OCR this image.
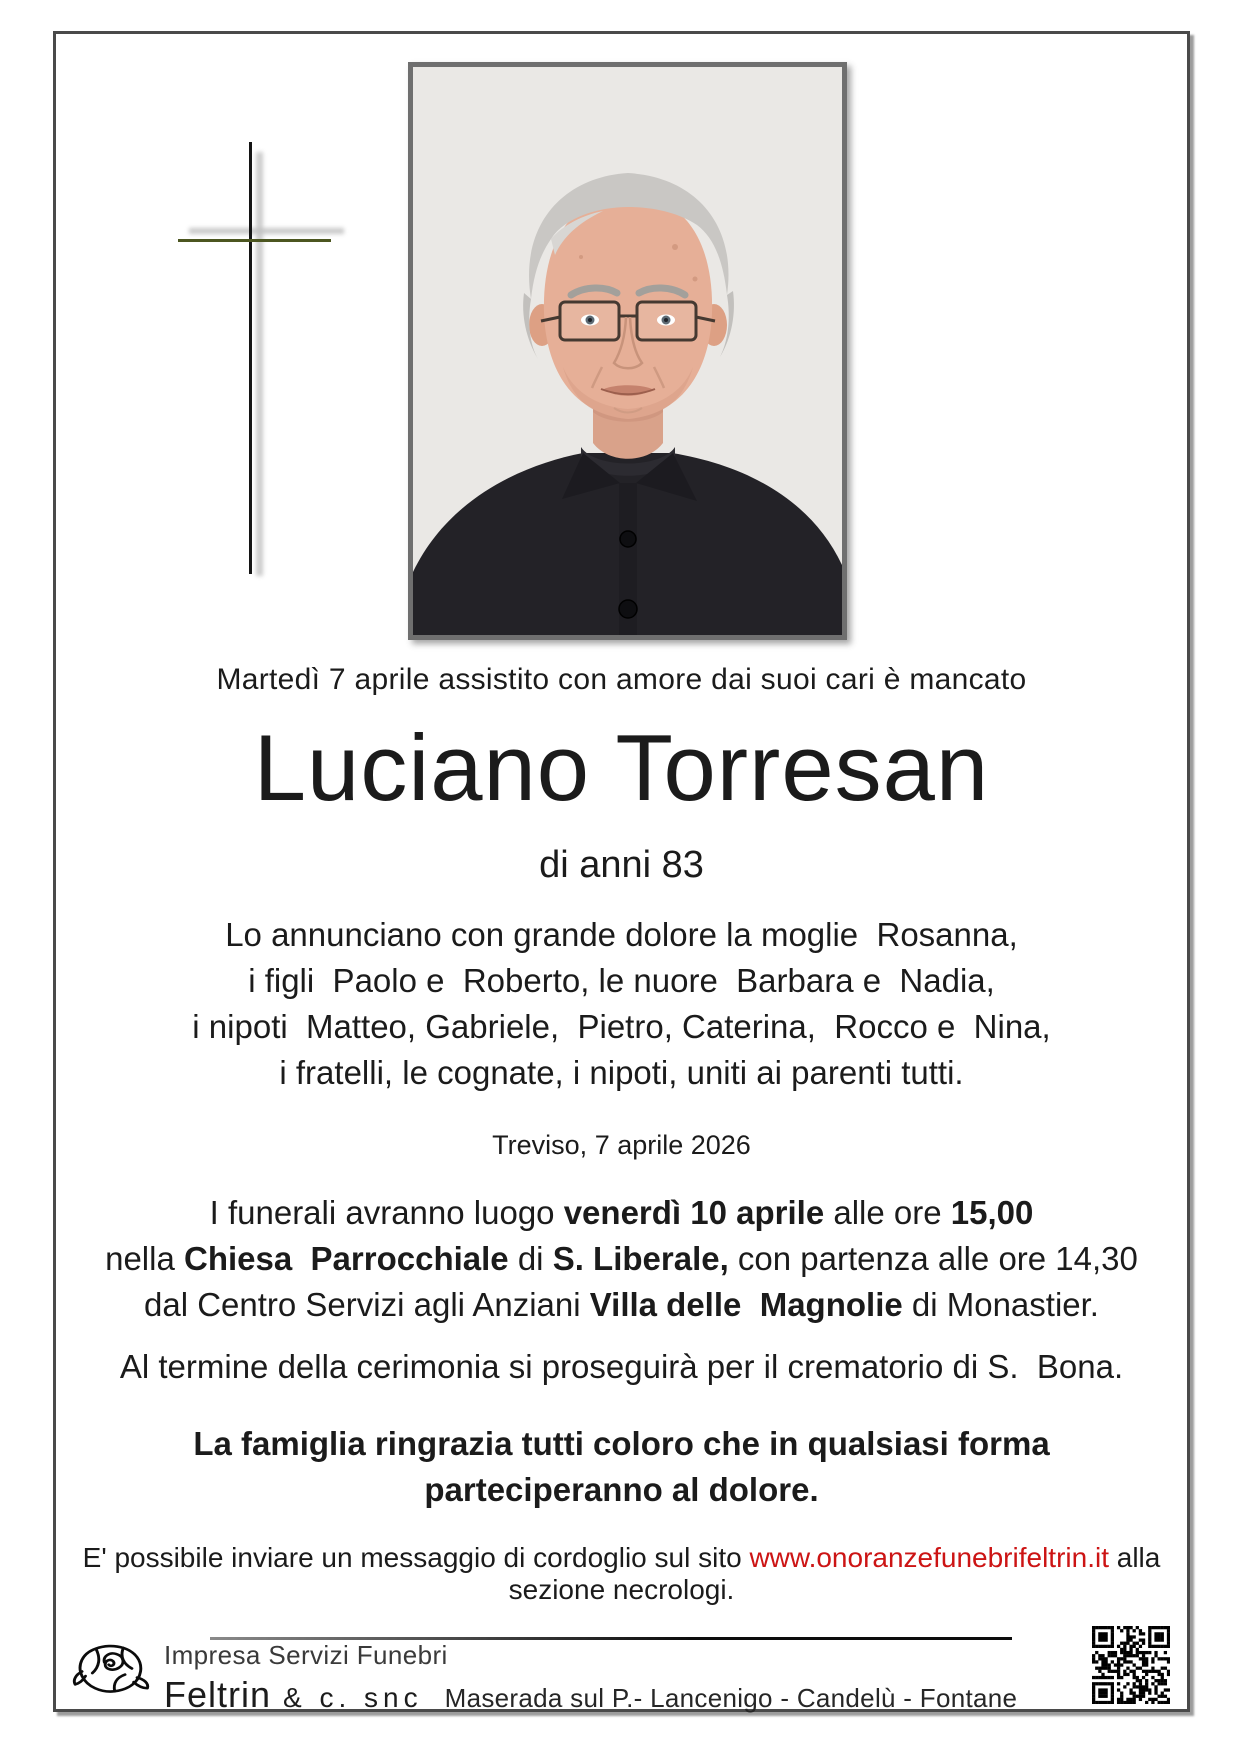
Martedì 7 aprile assistito con amore dai suoi cari è mancato
Luciano Torresan
di anni 83
Lo annunciano con grande dolore la moglie  Rosanna,
i figli  Paolo e  Roberto, le nuore  Barbara e  Nadia,
i nipoti  Matteo, Gabriele,  Pietro, Caterina,  Rocco e  Nina,
i fratelli, le cognate, i nipoti, uniti ai parenti tutti.
Treviso, 7 aprile 2026
I funerali avranno luogo venerdì 10 aprile alle ore 15,00
nella Chiesa  Parrocchiale di S. Liberale, con partenza alle ore 14,30
dal Centro Servizi agli Anziani Villa delle  Magnolie di Monastier.
Al termine della cerimonia si proseguirà per il crematorio di S.  Bona.
La famiglia ringrazia tutti coloro che in qualsiasi forma
parteciperanno al dolore.
E' possibile inviare un messaggio di cordoglio sul sito www.onoranzefunebrifeltrin.it alla sezione necrologi.
Impresa Servizi Funebri
Feltrin & c. snc Maserada sul P.- Lancenigo - Candelù - Fontane
